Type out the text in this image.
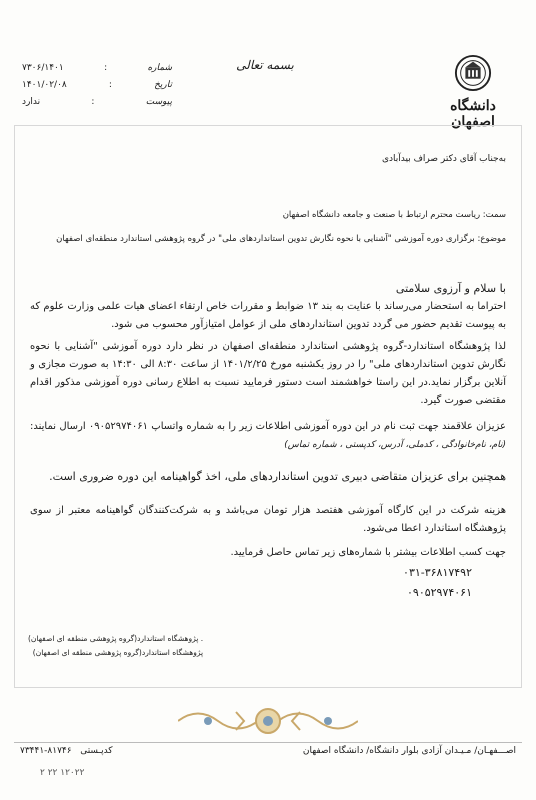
شماره
:
۷۳۰۶/۱۴۰۱
تاریخ
:
۱۴۰۱/۰۲/۰۸
پیوست
:
ندارد
بسمه تعالی
دانشگاه اصفهان
به‌جناب آقای دکتر صراف بیدآبادی
سمت: ریاست محترم ارتباط با صنعت و جامعه دانشگاه اصفهان
موضوع: برگزاری دوره آموزشی "آشنایی با نحوه نگارش تدوین استانداردهای ملی" در گروه پژوهشی استاندارد منطقه‌ای اصفهان
با سلام و آرزوی سلامتی
احتراما به استحضار می‌رساند با عنایت به بند ۱۳ ضوابط و مقررات خاص ارتقاء اعضای هیات علمی وزارت علوم که به پیوست تقدیم حضور می گردد تدوین استانداردهای ملی از عوامل امتیازآور محسوب می شود.
لذا پژوهشگاه استاندارد-گروه پژوهشی استاندارد منطقه‌ای اصفهان در نظر دارد دوره آموزشی "آشنایی با نحوه نگارش تدوین استانداردهای ملی" را در روز یکشنبه مورخ ۱۴۰۱/۲/۲۵ از ساعت ۸:۳۰ الی ۱۴:۳۰ به صورت مجازی و آنلاین برگزار نماید.در این راستا خواهشمند است دستور فرمایید نسبت به اطلاع رسانی دوره آموزشی مذکور اقدام مقتضی صورت گیرد.
عزیزان علاقمند جهت ثبت نام در این دوره آموزشی اطلاعات زیر را به شماره واتساپ ۰۹۰۵۲۹۷۴۰۶۱ ارسال نمایند: (نام، نام‌خانوادگی ، کدملی، آدرس، کدپستی ، شماره تماس)
همچنین برای عزیزان متقاضی دبیری تدوین استانداردهای ملی، اخذ گواهینامه این دوره ضروری است.
هزینه شرکت در این کارگاه آموزشی هفتصد هزار تومان می‌باشد و به شرکت‌کنندگان گواهینامه معتبر از سوی پژوهشگاه استاندارد اعطا می‌شود.
جهت کسب اطلاعات بیشتر با شماره‌های زیر تماس حاصل فرمایید.
۰۳۱-۳۶۸۱۷۴۹۲
۰۹۰۵۲۹۷۴۰۶۱
. پژوهشگاه استاندارد(گروه پژوهشی منطقه ای اصفهان)
پژوهشگاه استاندارد(گروه پژوهشی منطقه ای اصفهان)
اصـــفهـان/ مـیـدان آزادی بلوار دانشگاه/ دانشگاه اصفهان
کدپـستی   ۸۱۷۴۶-۷۳۴۴۱
۱۲۰۲۲ ۲۲ ۲
